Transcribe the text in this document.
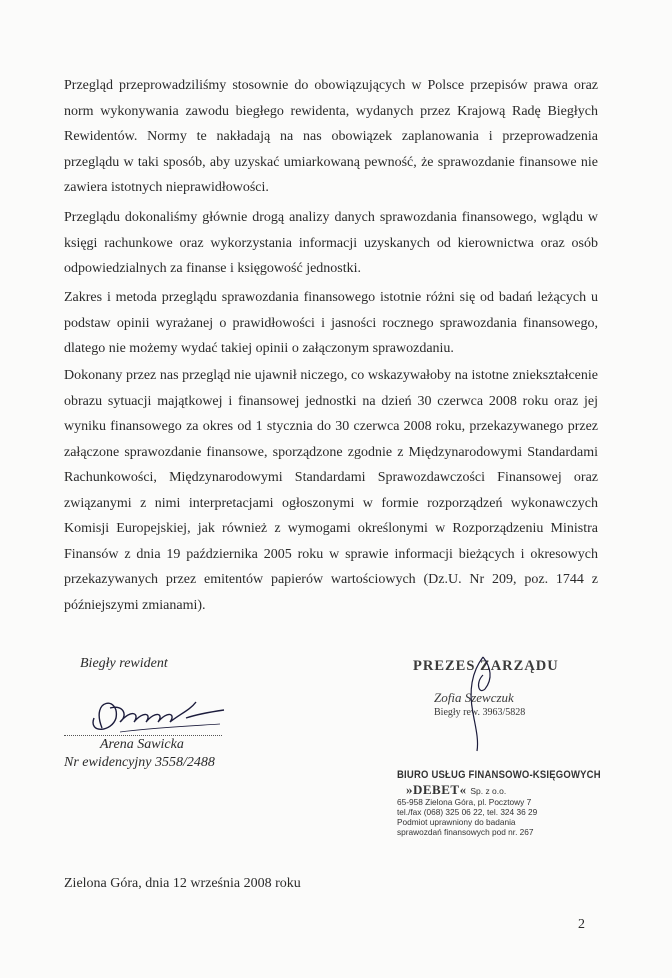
Przegląd przeprowadziliśmy stosownie do obowiązujących w Polsce przepisów prawa oraz norm wykonywania zawodu biegłego rewidenta, wydanych przez Krajową Radę Biegłych Rewidentów. Normy te nakładają na nas obowiązek zaplanowania i przeprowadzenia przeglądu w taki sposób, aby uzyskać umiarkowaną pewność, że sprawozdanie finansowe nie zawiera istotnych nieprawidłowości.

Przeglądu dokonaliśmy głównie drogą analizy danych sprawozdania finansowego, wglądu w księgi rachunkowe oraz wykorzystania informacji uzyskanych od kierownictwa oraz osób odpowiedzialnych za finanse i księgowość jednostki.

Zakres i metoda przeglądu sprawozdania finansowego istotnie różni się od badań leżących u podstaw opinii wyrażanej o prawidłowości i jasności rocznego sprawozdania finansowego, dlatego nie możemy wydać takiej opinii o załączonym sprawozdaniu.

Dokonany przez nas przegląd nie ujawnił niczego, co wskazywałoby na istotne zniekształcenie obrazu sytuacji majątkowej i finansowej jednostki na dzień 30 czerwca 2008 roku oraz jej wyniku finansowego za okres od 1 stycznia do 30 czerwca 2008 roku, przekazywanego przez załączone sprawozdanie finansowe, sporządzone zgodnie z Międzynarodowymi Standardami Rachunkowości, Międzynarodowymi Standardami Sprawozdawczości Finansowej oraz związanymi z nimi interpretacjami ogłoszonymi w formie rozporządzeń wykonawczych Komisji Europejskiej, jak również z wymogami określonymi w Rozporządzeniu Ministra Finansów z dnia 19 października 2005 roku w sprawie informacji bieżących i okresowych przekazywanych przez emitentów papierów wartościowych (Dz.U. Nr 209, poz. 1744 z późniejszymi zmianami).

Biegły rewident
Arena Sawicka
Nr ewidencyjny 3558/2488
PREZES ZARZĄDU
Zofia Szewczuk
Biegły rew. 3963/5828
BIURO USŁUG FINANSOWO-KSIĘGOWYCH
»DEBET« Sp. z o.o.
65-958 Zielona Góra, pl. Pocztowy 7
tel./fax (068) 325 06 22, tel. 324 36 29
Podmiot uprawniony do badania
sprawozdań finansowych pod nr. 267
Zielona Góra, dnia 12 września 2008 roku
2
